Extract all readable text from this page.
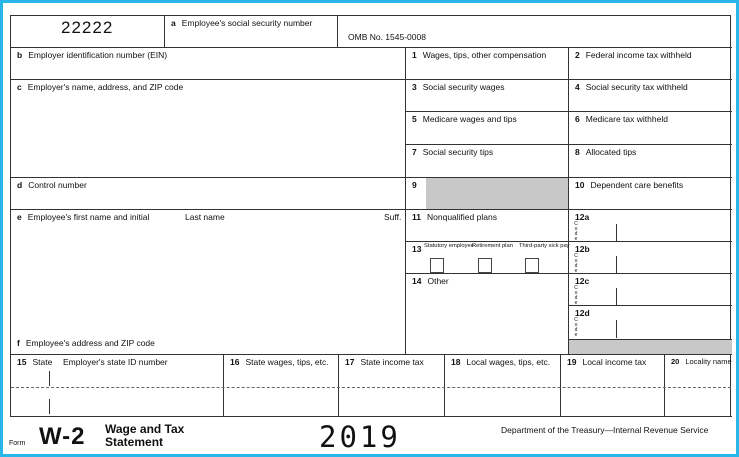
22222	a Employee's social security number
OMB No. 1545-0008
b Employer identification number (EIN)
c Employer's name, address, and ZIP code
d Control number
e Employee's first name and initial	Last name	Suff.
f Employee's address and ZIP code
1 Wages, tips, other compensation
3 Social security wages
5 Medicare wages and tips
7 Social security tips
9
11 Nonqualified plans
13 Statutory employee
Retirement plan Third-party sick pay
14 Other
2 Federal income tax withheld
4 Social security tax withheld
6 Medicare tax withheld
8 Allocated tips
10 Dependent care benefits
12a
C
o
d
e
12b
C
o
d
e
12c
C
o
d
e
12d
C
o
d
e
15 State Employer's state ID number	16 State wages, tips, etc.	17 State income tax	18 Local wages, tips, etc.	19 Local income tax	20 Locality name
Form W-2 Wage and Tax
Statement	2019	Department of the Treasury—Internal Revenue Service
